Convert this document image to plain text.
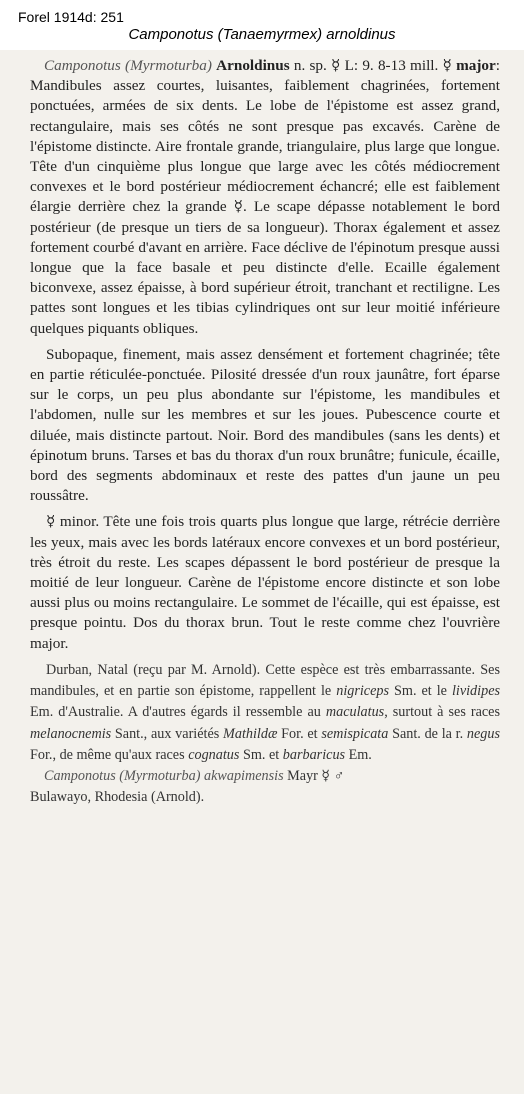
Forel 1914d: 251
Camponotus (Tanaemyrmex) arnoldinus

Camponotus (Myrmoturba) Arnoldinus n. sp. ☿ L: 9. 8-13 mill. ☿ major: Mandibules assez courtes, luisantes, faiblement chagrinées, fortement ponctuées, armées de six dents. Le lobe de l'épistome est assez grand, rectangulaire, mais ses côtés ne sont presque pas excavés. Carène de l'épistome distincte. Aire frontale grande, triangulaire, plus large que longue. Tête d'un cinquième plus longue que large avec les côtés médiocrement convexes et le bord postérieur médiocrement échancré; elle est faiblement élargie derrière chez la grande ☿. Le scape dépasse notablement le bord postérieur (de presque un tiers de sa longueur). Thorax également et assez fortement courbé d'avant en arrière. Face déclive de l'épinotum presque aussi longue que la face basale et peu distincte d'elle. Ecaille également biconvexe, assez épaisse, à bord supérieur étroit, tranchant et rectiligne. Les pattes sont longues et les tibias cylindriques ont sur leur moitié inférieure quelques piquants obliques.

Subopaque, finement, mais assez densément et fortement chagrinée; tête en partie réticulée-ponctuée. Pilosité dressée d'un roux jaunâtre, fort éparse sur le corps, un peu plus abondante sur l'épistome, les mandibules et l'abdomen, nulle sur les membres et sur les joues. Pubescence courte et diluée, mais distincte partout. Noir. Bord des mandibules (sans les dents) et épinotum bruns. Tarses et bas du thorax d'un roux brunâtre; funicule, écaille, bord des segments abdominaux et reste des pattes d'un jaune un peu roussâtre.

☿ minor. Tête une fois trois quarts plus longue que large, rétrécie derrière les yeux, mais avec les bords latéraux encore convexes et un bord postérieur, très étroit du reste. Les scapes dépassent le bord postérieur de presque la moitié de leur longueur. Carène de l'épistome encore distincte et son lobe aussi plus ou moins rectangulaire. Le sommet de l'écaille, qui est épaisse, est presque pointu. Dos du thorax brun. Tout le reste comme chez l'ouvrière major.

Durban, Natal (reçu par M. Arnold). Cette espèce est très embarrassante. Ses mandibules, et en partie son épistome, rappellent le nigriceps Sm. et le lividipes Em. d'Australie. A d'autres égards il ressemble au maculatus, surtout à ses races melanocnemis Sant., aux variétés Mathildæ For. et semispicata Sant. de la r. negus For., de même qu'aux races cognatus Sm. et barbaricus Em.

Camponotus (Myrmoturba) akwapimensis Mayr ☿ ♂

Bulawayo, Rhodesia (Arnold).
